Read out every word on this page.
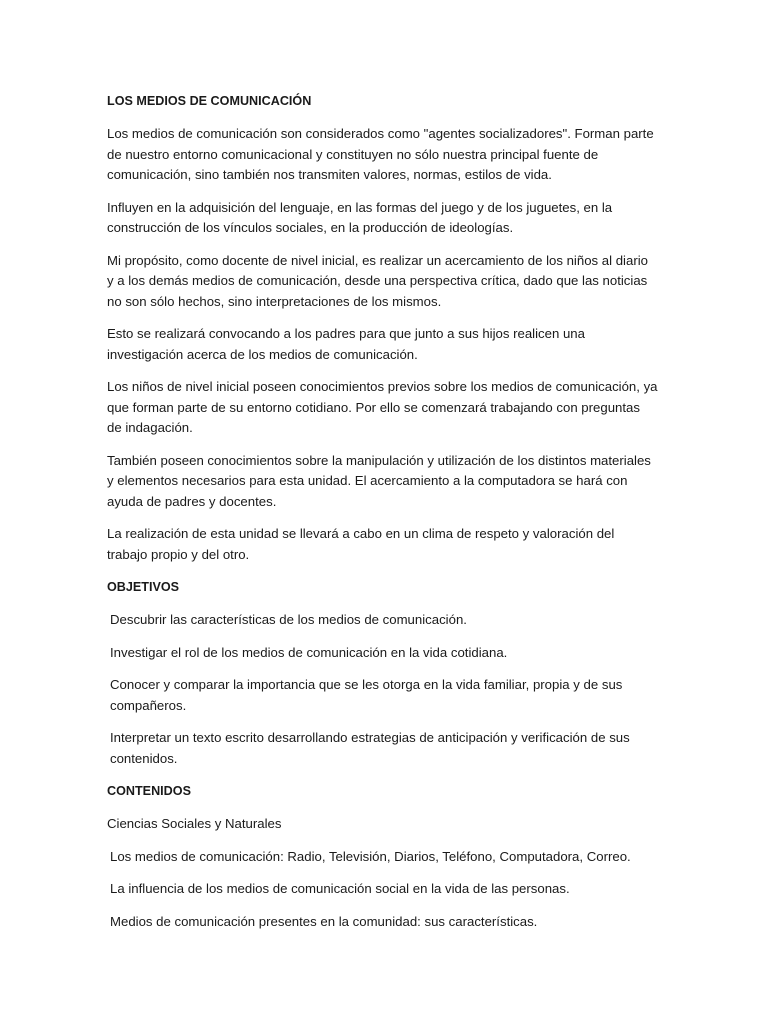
LOS MEDIOS DE COMUNICACIÓN

Los medios de comunicación son considerados como "agentes socializadores". Forman parte de nuestro entorno comunicacional y constituyen no sólo nuestra principal fuente de comunicación, sino también nos transmiten valores, normas, estilos de vida.

Influyen en la adquisición del lenguaje, en las formas del juego y de los juguetes, en la construcción de los vínculos sociales, en la producción de ideologías.

Mi propósito, como docente de nivel inicial, es realizar un acercamiento de los niños al diario y a los demás medios de comunicación, desde una perspectiva crítica, dado que las noticias no son sólo hechos, sino interpretaciones de los mismos.

Esto se realizará convocando a los padres para que junto a sus hijos realicen una investigación acerca de los medios de comunicación.

Los niños de nivel inicial poseen conocimientos previos sobre los medios de comunicación, ya que forman parte de su entorno cotidiano. Por ello se comenzará trabajando con preguntas de indagación.

También poseen conocimientos sobre la manipulación y utilización de los distintos materiales y elementos necesarios para esta unidad. El acercamiento a la computadora se hará con ayuda de padres y docentes.

La realización de esta unidad se llevará a cabo en un clima de respeto y valoración del trabajo propio y del otro.

OBJETIVOS

Descubrir las características de los medios de comunicación.

Investigar el rol de los medios de comunicación en la vida cotidiana.

Conocer y comparar la importancia que se les otorga en la vida familiar, propia y de sus compañeros.

Interpretar un texto escrito desarrollando estrategias de anticipación y verificación de sus contenidos.

CONTENIDOS

Ciencias Sociales y Naturales

Los medios de comunicación: Radio, Televisión, Diarios, Teléfono, Computadora, Correo.

La influencia de los medios de comunicación social en la vida de las personas.

Medios de comunicación presentes en la comunidad: sus características.
